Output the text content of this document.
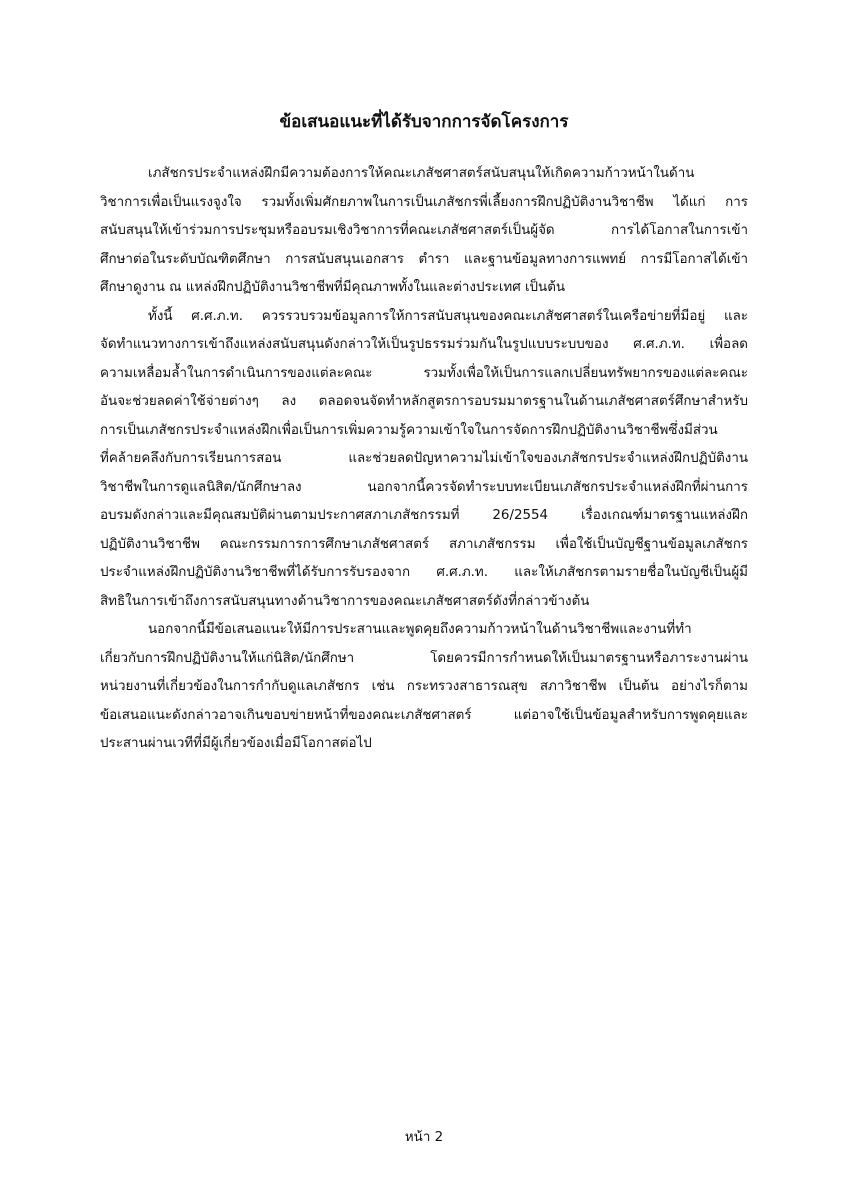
ข้อเสนอแนะที่ได้รับจากการจัดโครงการ
เภสัชกรประจำแหล่งฝึกมีความต้องการให้คณะเภสัชศาสตร์สนับสนุนให้เกิดความก้าวหน้าในด้าน
วิชาการเพื่อเป็นแรงจูงใจ รวมทั้งเพิ่มศักยภาพในการเป็นเภสัชกรพี่เลี้ยงการฝึกปฏิบัติงานวิชาชีพ ได้แก่ การ
สนับสนุนให้เข้าร่วมการประชุมหรืออบรมเชิงวิชาการที่คณะเภสัชศาสตร์เป็นผู้จัด การได้โอกาสในการเข้า
ศึกษาต่อในระดับบัณฑิตศึกษา การสนับสนุนเอกสาร ตำรา และฐานข้อมูลทางการแพทย์ การมีโอกาสได้เข้า
ศึกษาดูงาน ณ แหล่งฝึกปฏิบัติงานวิชาชีพที่มีคุณภาพทั้งในและต่างประเทศ เป็นต้น
ทั้งนี้ ศ.ศ.ภ.ท. ควรรวบรวมข้อมูลการให้การสนับสนุนของคณะเภสัชศาสตร์ในเครือข่ายที่มีอยู่ และ
จัดทำแนวทางการเข้าถึงแหล่งสนับสนุนดังกล่าวให้เป็นรูปธรรมร่วมกันในรูปแบบระบบของ ศ.ศ.ภ.ท. เพื่อลด
ความเหลื่อมล้ำในการดำเนินการของแต่ละคณะ รวมทั้งเพื่อให้เป็นการแลกเปลี่ยนทรัพยากรของแต่ละคณะ
อันจะช่วยลดค่าใช้จ่ายต่างๆ ลง ตลอดจนจัดทำหลักสูตรการอบรมมาตรฐานในด้านเภสัชศาสตร์ศึกษาสำหรับ
การเป็นเภสัชกรประจำแหล่งฝึกเพื่อเป็นการเพิ่มความรู้ความเข้าใจในการจัดการฝึกปฏิบัติงานวิชาชีพซึ่งมีส่วน
ที่คล้ายคลึงกับการเรียนการสอน และช่วยลดปัญหาความไม่เข้าใจของเภสัชกรประจำแหล่งฝึกปฏิบัติงาน
วิชาชีพในการดูแลนิสิต/นักศึกษาลง นอกจากนี้ควรจัดทำระบบทะเบียนเภสัชกรประจำแหล่งฝึกที่ผ่านการ
อบรมดังกล่าวและมีคุณสมบัติผ่านตามประกาศสภาเภสัชกรรมที่ 26/2554 เรื่องเกณฑ์มาตรฐานแหล่งฝึก
ปฏิบัติงานวิชาชีพ คณะกรรมการการศึกษาเภสัชศาสตร์ สภาเภสัชกรรม เพื่อใช้เป็นบัญชีฐานข้อมูลเภสัชกร
ประจำแหล่งฝึกปฏิบัติงานวิชาชีพที่ได้รับการรับรองจาก ศ.ศ.ภ.ท. และให้เภสัชกรตามรายชื่อในบัญชีเป็นผู้มี
สิทธิในการเข้าถึงการสนับสนุนทางด้านวิชาการของคณะเภสัชศาสตร์ดังที่กล่าวข้างต้น
นอกจากนี้มีข้อเสนอแนะให้มีการประสานและพูดคุยถึงความก้าวหน้าในด้านวิชาชีพและงานที่ทำ
เกี่ยวกับการฝึกปฏิบัติงานให้แก่นิสิต/นักศึกษา โดยควรมีการกำหนดให้เป็นมาตรฐานหรือภาระงานผ่าน
หน่วยงานที่เกี่ยวข้องในการกำกับดูแลเภสัชกร เช่น กระทรวงสาธารณสุข สภาวิชาชีพ เป็นต้น อย่างไรก็ตาม
ข้อเสนอแนะดังกล่าวอาจเกินขอบข่ายหน้าที่ของคณะเภสัชศาสตร์ แต่อาจใช้เป็นข้อมูลสำหรับการพูดคุยและ
ประสานผ่านเวทีที่มีผู้เกี่ยวข้องเมื่อมีโอกาสต่อไป
หน้า 2
